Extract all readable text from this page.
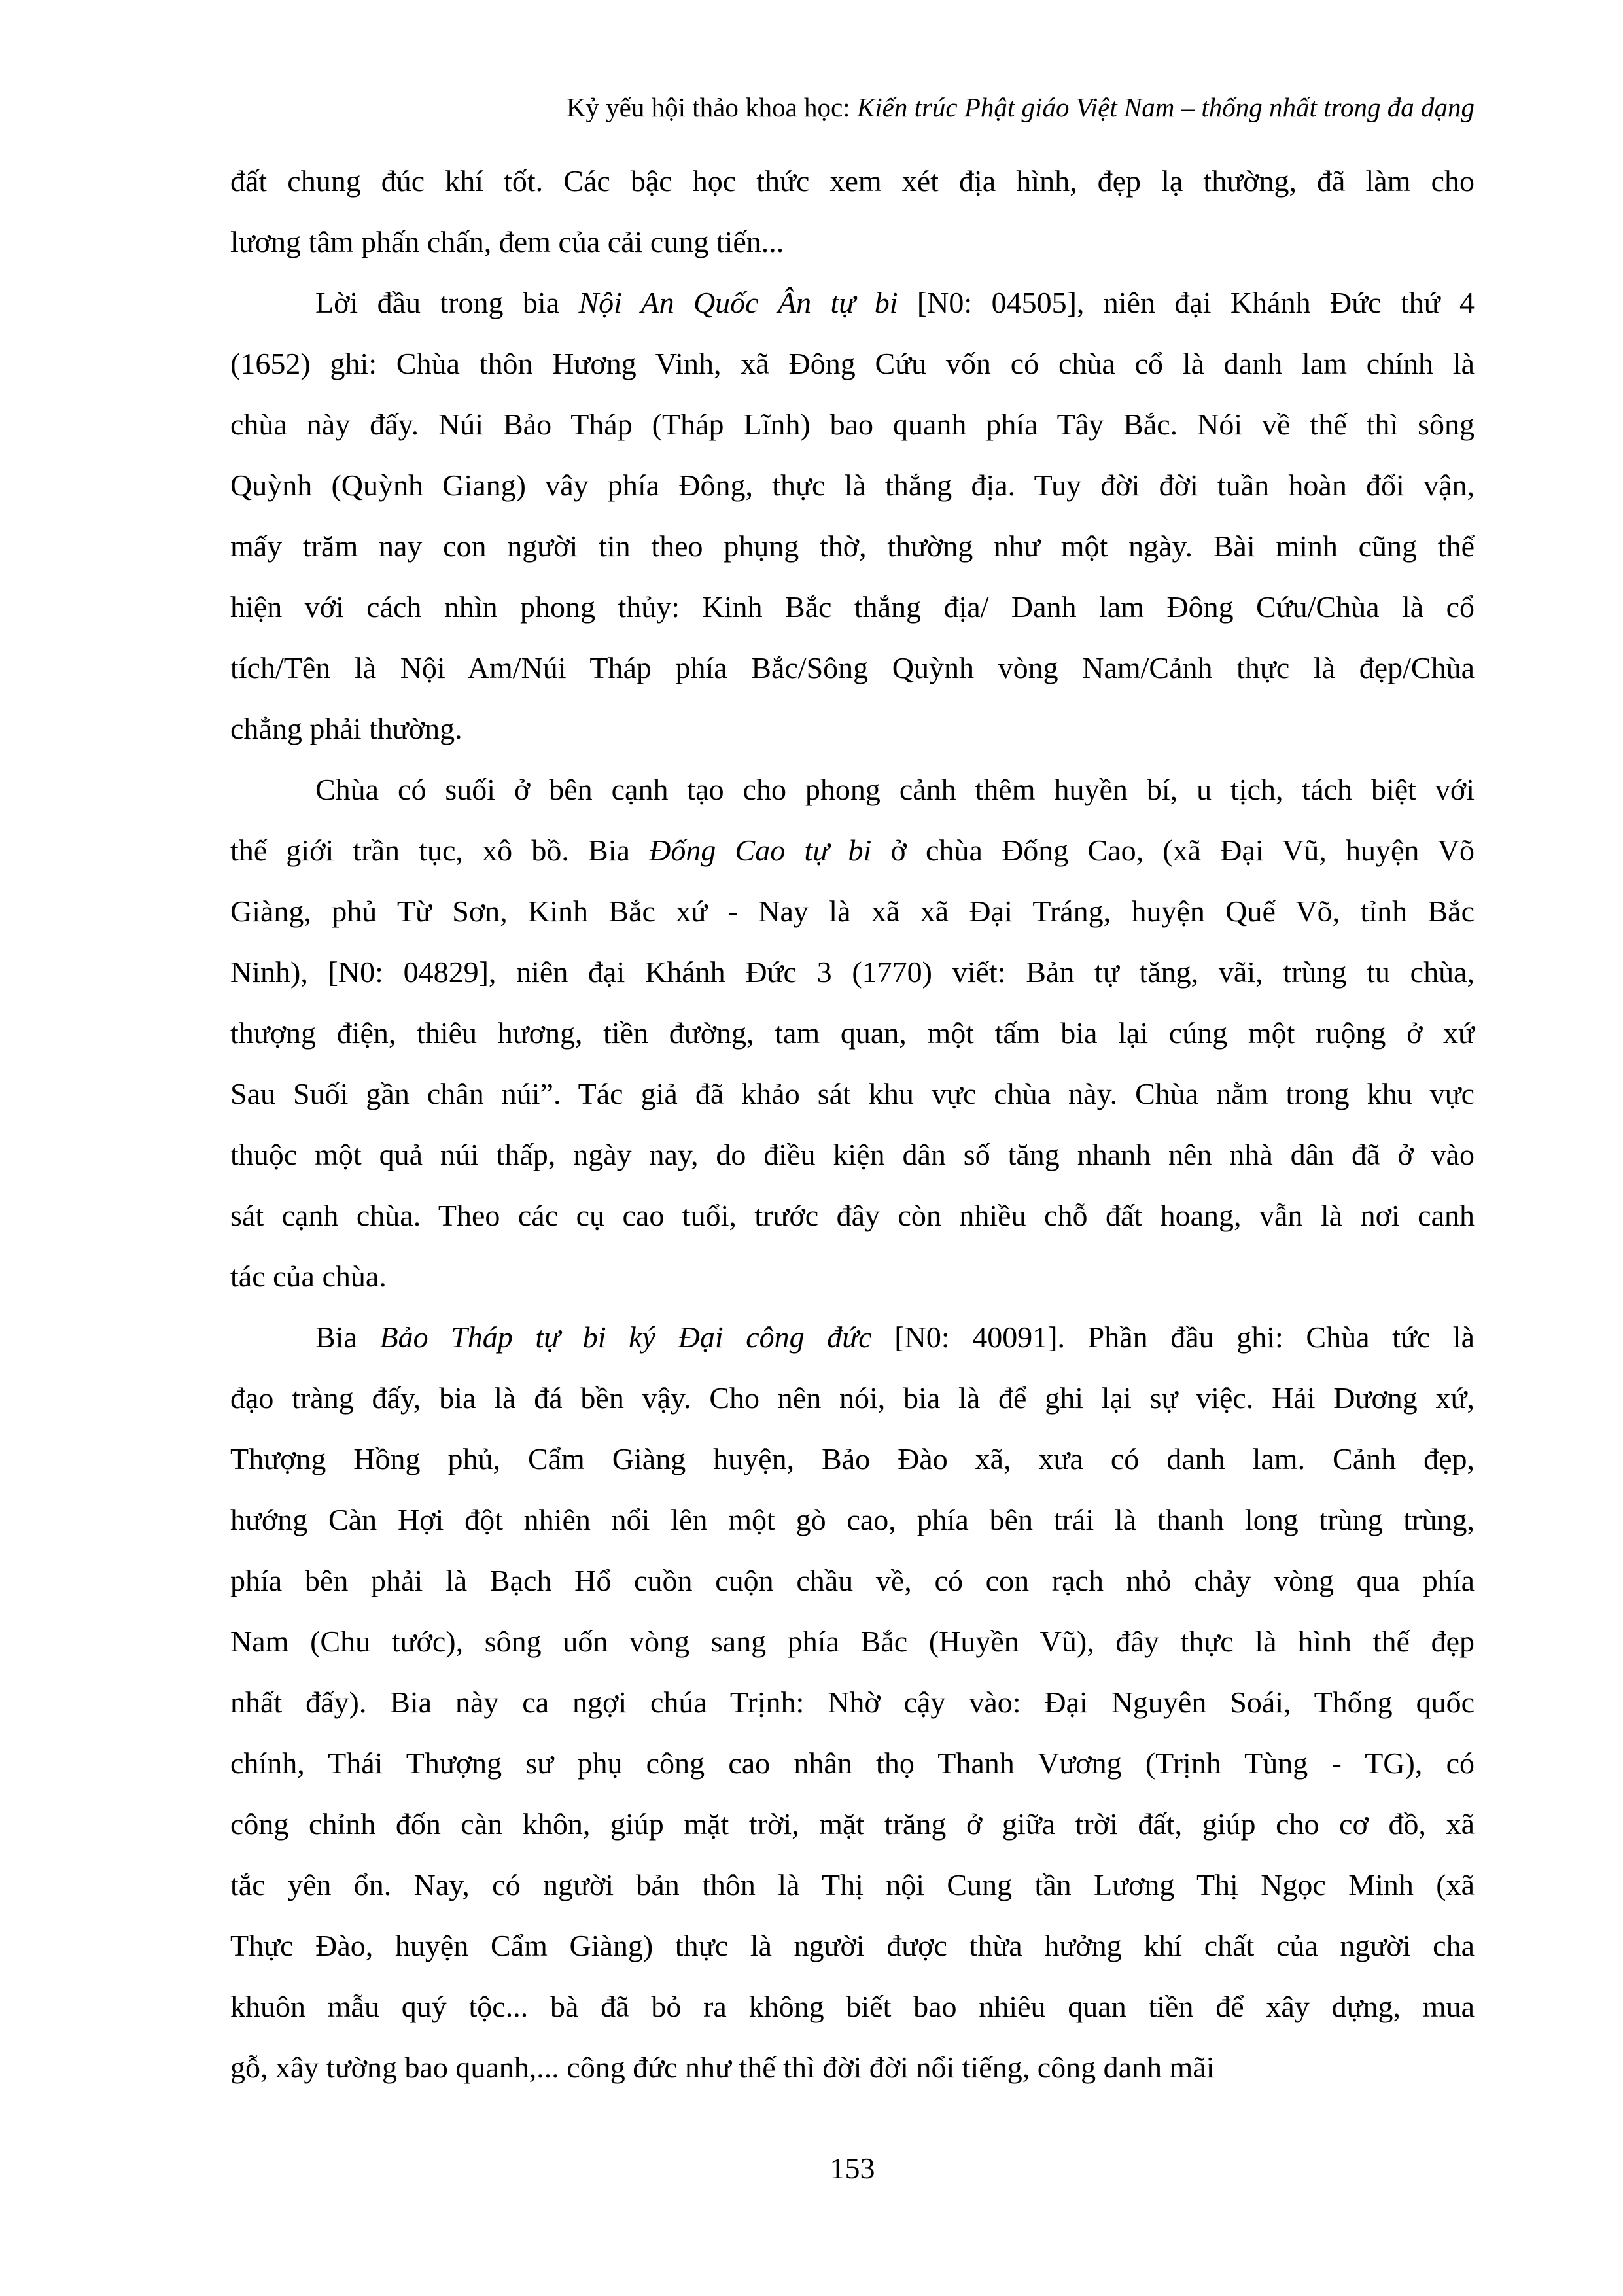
Kỷ yếu hội thảo khoa học: Kiến trúc Phật giáo Việt Nam – thống nhất trong đa dạng
đất chung đúc khí tốt. Các bậc học thức xem xét địa hình, đẹp lạ thường, đã làm cho
lương tâm phấn chấn, đem của cải cung tiến...
Lời đầu trong bia Nội An Quốc Ân tự bi [N0: 04505], niên đại Khánh Đức thứ 4
(1652) ghi: Chùa thôn Hương Vinh, xã Đông Cứu vốn có chùa cổ là danh lam chính là
chùa này đấy. Núi Bảo Tháp (Tháp Lĩnh) bao quanh phía Tây Bắc. Nói về thế thì sông
Quỳnh (Quỳnh Giang) vây phía Đông, thực là thắng địa. Tuy đời đời tuần hoàn đổi vận,
mấy trăm nay con người tin theo phụng thờ, thường như một ngày. Bài minh cũng thể
hiện với cách nhìn phong thủy: Kinh Bắc thắng địa/ Danh lam Đông Cứu/Chùa là cổ
tích/Tên là Nội Am/Núi Tháp phía Bắc/Sông Quỳnh vòng Nam/Cảnh thực là đẹp/Chùa
chẳng phải thường.
Chùa có suối ở bên cạnh tạo cho phong cảnh thêm huyền bí, u tịch, tách biệt với
thế giới trần tục, xô bồ. Bia Đống Cao tự bi ở chùa Đống Cao, (xã Đại Vũ, huyện Võ
Giàng, phủ Từ Sơn, Kinh Bắc xứ - Nay là xã xã Đại Tráng, huyện Quế Võ, tỉnh Bắc
Ninh), [N0: 04829], niên đại Khánh Đức 3 (1770) viết: Bản tự tăng, vãi, trùng tu chùa,
thượng điện, thiêu hương, tiền đường, tam quan, một tấm bia lại cúng một ruộng ở xứ
Sau Suối gần chân núi”. Tác giả đã khảo sát khu vực chùa này. Chùa nằm trong khu vực
thuộc một quả núi thấp, ngày nay, do điều kiện dân số tăng nhanh nên nhà dân đã ở vào
sát cạnh chùa. Theo các cụ cao tuổi, trước đây còn nhiều chỗ đất hoang, vẫn là nơi canh
tác của chùa.
Bia Bảo Tháp tự bi ký Đại công đức [N0: 40091]. Phần đầu ghi: Chùa tức là
đạo tràng đấy, bia là đá bền vậy. Cho nên nói, bia là để ghi lại sự việc. Hải Dương xứ,
Thượng Hồng phủ, Cẩm Giàng huyện, Bảo Đào xã, xưa có danh lam. Cảnh đẹp,
hướng Càn Hợi đột nhiên nổi lên một gò cao, phía bên trái là thanh long trùng trùng,
phía bên phải là Bạch Hổ cuồn cuộn chầu về, có con rạch nhỏ chảy vòng qua phía
Nam (Chu tước), sông uốn vòng sang phía Bắc (Huyền Vũ), đây thực là hình thế đẹp
nhất đấy). Bia này ca ngợi chúa Trịnh: Nhờ cậy vào: Đại Nguyên Soái, Thống quốc
chính, Thái Thượng sư phụ công cao nhân thọ Thanh Vương (Trịnh Tùng - TG), có
công chỉnh đốn càn khôn, giúp mặt trời, mặt trăng ở giữa trời đất, giúp cho cơ đồ, xã
tắc yên ổn. Nay, có người bản thôn là Thị nội Cung tần Lương Thị Ngọc Minh (xã
Thực Đào, huyện Cẩm Giàng) thực là người được thừa hưởng khí chất của người cha
khuôn mẫu quý tộc... bà đã bỏ ra không biết bao nhiêu quan tiền để xây dựng, mua
gỗ, xây tường bao quanh,... công đức như thế thì đời đời nổi tiếng, công danh mãi
153
